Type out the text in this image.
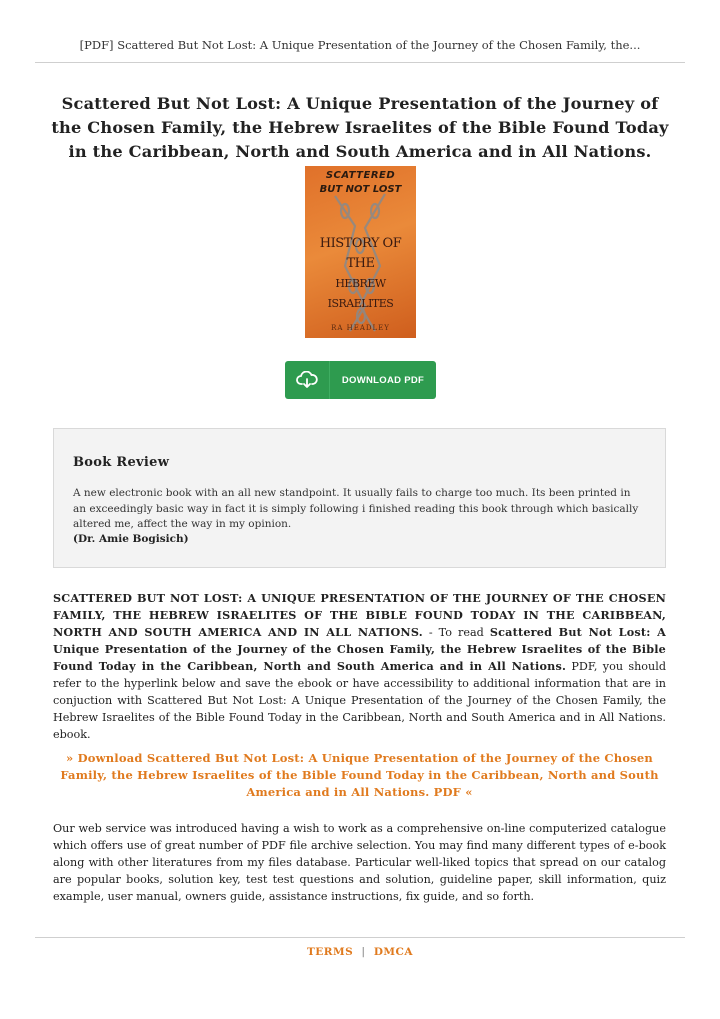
[PDF] Scattered But Not Lost: A Unique Presentation of the Journey of the Chosen Family, the...
Scattered But Not Lost: A Unique Presentation of the Journey of the Chosen Family, the Hebrew Israelites of the Bible Found Today in the Caribbean, North and South America and in All Nations.
SCATTERED
BUT NOT LOST
HISTORY OF THE
HEBREW ISRAELITES
RA HEADLEY
DOWNLOAD PDF
Book Review
A new electronic book with an all new standpoint. It usually fails to charge too much. Its been printed in an exceedingly basic way in fact it is simply following i finished reading this book through which basically altered me, affect the way in my opinion.
(Dr. Amie Bogisich)
SCATTERED BUT NOT LOST: A UNIQUE PRESENTATION OF THE JOURNEY OF THE CHOSEN FAMILY, THE HEBREW ISRAELITES OF THE BIBLE FOUND TODAY IN THE CARIBBEAN, NORTH AND SOUTH AMERICA AND IN ALL NATIONS. - To read Scattered But Not Lost: A Unique Presentation of the Journey of the Chosen Family, the Hebrew Israelites of the Bible Found Today in the Caribbean, North and South America and in All Nations. PDF, you should refer to the hyperlink below and save the ebook or have accessibility to additional information that are in conjuction with Scattered But Not Lost: A Unique Presentation of the Journey of the Chosen Family, the Hebrew Israelites of the Bible Found Today in the Caribbean, North and South America and in All Nations. ebook.
» Download Scattered But Not Lost: A Unique Presentation of the Journey of the Chosen Family, the Hebrew Israelites of the Bible Found Today in the Caribbean, North and South America and in All Nations. PDF «
Our web service was introduced having a wish to work as a comprehensive on-line computerized catalogue which offers use of great number of PDF file archive selection. You may find many different types of e-book along with other literatures from my files database. Particular well-liked topics that spread on our catalog are popular books, solution key, test test questions and solution, guideline paper, skill information, quiz example, user manual, owners guide, assistance instructions, fix guide, and so forth.
TERMS | DMCA
